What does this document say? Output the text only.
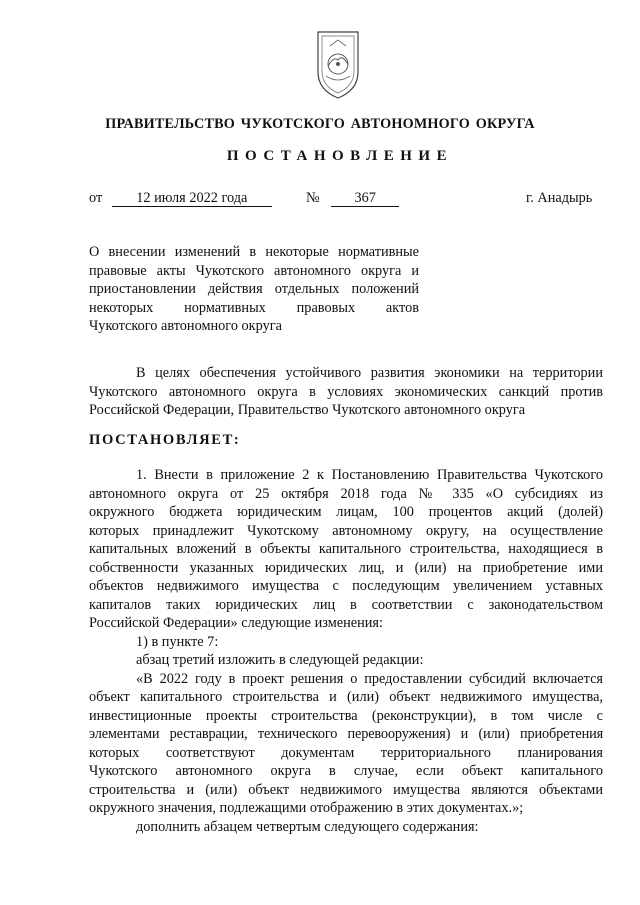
ПРАВИТЕЛЬСТВО ЧУКОТСКОГО АВТОНОМНОГО ОКРУГА
ПОСТАНОВЛЕНИЕ
от 12 июля 2022 года	№ 367	г. Анадырь
О внесении изменений в некоторые нормативные
правовые акты Чукотского автономного округа и
приостановлении действия отдельных положений
некоторых нормативных правовых актов
Чукотского автономного округа
В целях обеспечения устойчивого развития экономики на территории
Чукотского автономного округа в условиях экономических санкций против
Российской Федерации, Правительство Чукотского автономного округа
ПОСТАНОВЛЯЕТ:
1. Внести в приложение 2 к Постановлению Правительства Чукотского
автономного округа от 25 октября 2018 года № 335 «О субсидиях из
окружного бюджета юридическим лицам, 100 процентов акций (долей)
которых принадлежит Чукотскому автономному округу, на осуществление
капитальных вложений в объекты капитального строительства, находящиеся в
собственности указанных юридических лиц, и (или) на приобретение ими
объектов недвижимого имущества с последующим увеличением уставных
капиталов таких юридических лиц в соответствии с законодательством
Российской Федерации» следующие изменения:
1) в пункте 7:
абзац третий изложить в следующей редакции:
«В 2022 году в проект решения о предоставлении субсидий включается
объект капитального строительства и (или) объект недвижимого имущества,
инвестиционные проекты строительства (реконструкции), в том числе с
элементами реставрации, технического перевооружения) и (или) приобретения
которых соответствуют документам территориального планирования
Чукотского автономного округа в случае, если объект капитального
строительства и (или) объект недвижимого имущества являются объектами
окружного значения, подлежащими отображению в этих документах.»;
дополнить абзацем четвертым следующего содержания:
